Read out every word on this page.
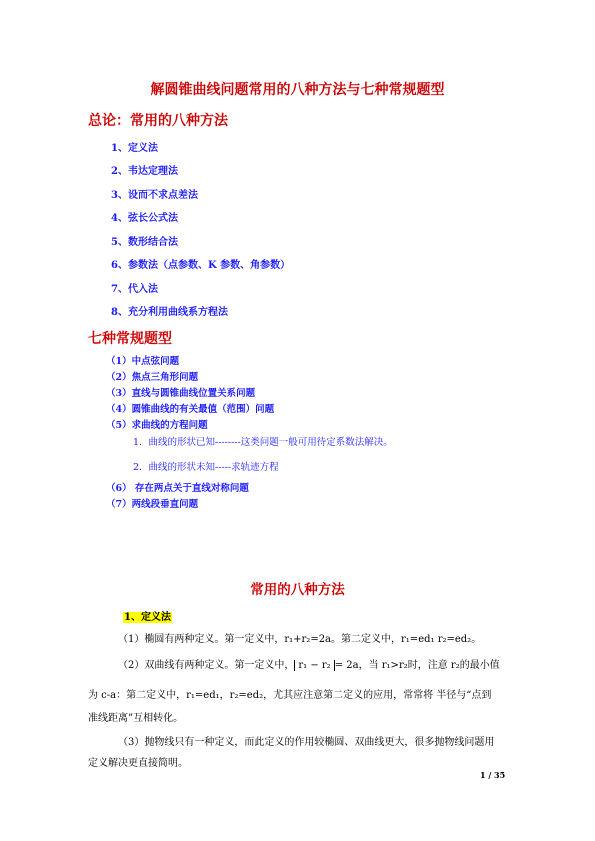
解圆锥曲线问题常用的八种方法与七种常规题型
总论：常用的八种方法
1、定义法
2、韦达定理法
3、设而不求点差法
4、弦长公式法
5、数形结合法
6、参数法（点参数、K 参数、角参数）
7、代入法
8、充分利用曲线系方程法
七种常规题型
（1）中点弦问题
（2）焦点三角形问题
（3）直线与圆锥曲线位置关系问题
（4）圆锥曲线的有关最值（范围）问题
（5）求曲线的方程问题
1．曲线的形状已知--------这类问题一般可用待定系数法解决。
2．曲线的形状未知-----求轨迹方程
（6） 存在两点关于直线对称问题
（7）两线段垂直问题
常用的八种方法
1、定义法
（1）椭圆有两种定义。第一定义中，r₁+r₂=2a。第二定义中，r₁=ed₁ r₂=ed₂。
（2）双曲线有两种定义。第一定义中， r₁ − r₂ = 2a，当 r₁>r₂时，注意 r₂的最小值
为 c-a：第二定义中，r₁=ed₁，r₂=ed₂，尤其应注意第二定义的应用，常常将 半径与“点到
准线距离”互相转化。
（3）抛物线只有一种定义，而此定义的作用较椭圆、双曲线更大，很多抛物线问题用
定义解决更直接简明。
1 / 35
